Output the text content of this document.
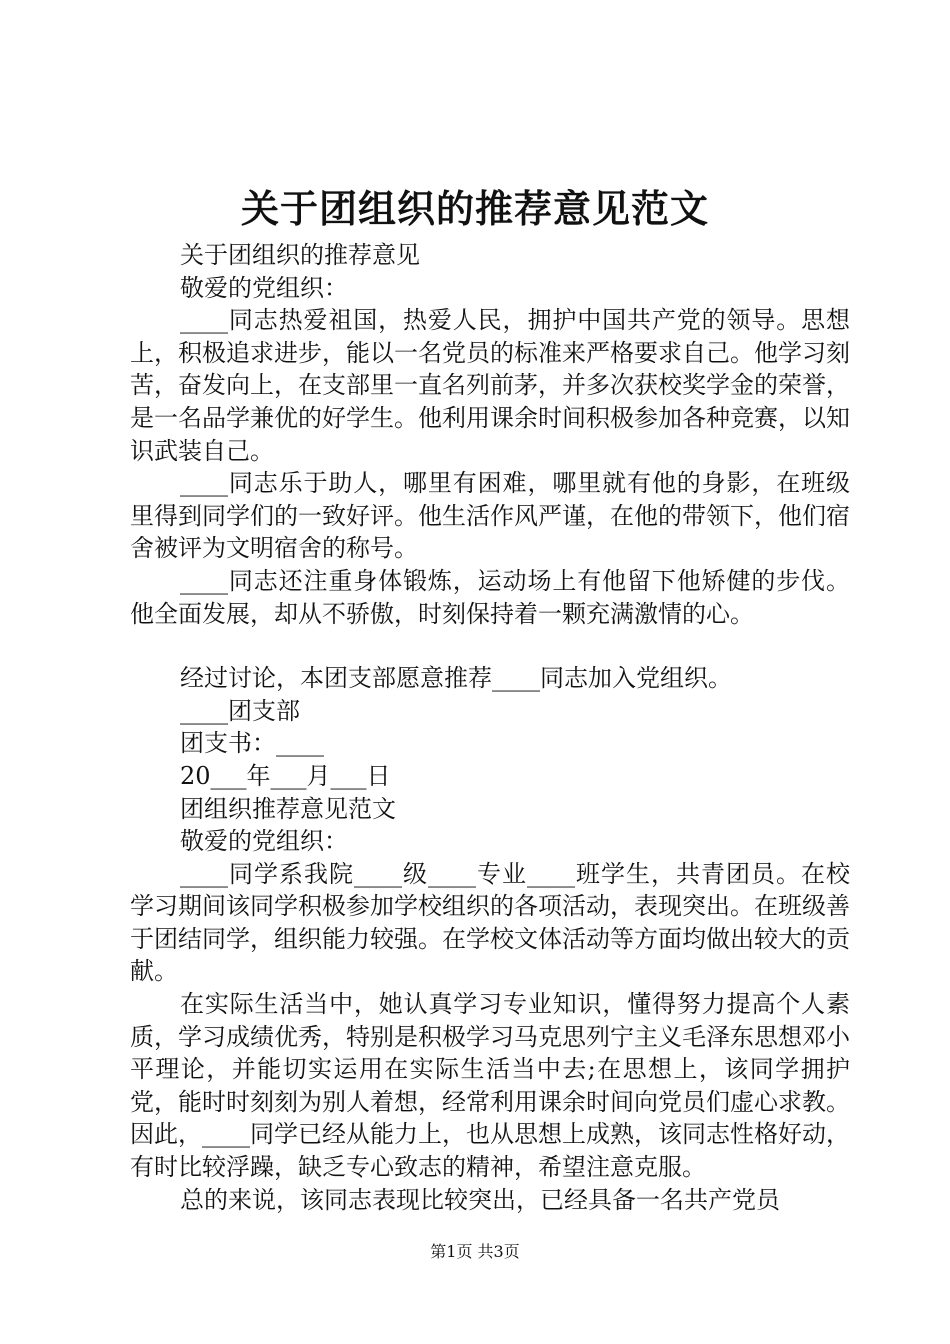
关于团组织的推荐意见范文

关于团组织的推荐意见

敬爱的党组织：

____同志热爱祖国，热爱人民，拥护中国共产党的领导。思想上，积极追求进步，能以一名党员的标准来严格要求自己。他学习刻苦，奋发向上，在支部里一直名列前茅，并多次获校奖学金的荣誉，是一名品学兼优的好学生。他利用课余时间积极参加各种竞赛，以知识武装自己。

____同志乐于助人，哪里有困难，哪里就有他的身影，在班级里得到同学们的一致好评。他生活作风严谨，在他的带领下，他们宿舍被评为文明宿舍的称号。

____同志还注重身体锻炼，运动场上有他留下他矫健的步伐。他全面发展，却从不骄傲，时刻保持着一颗充满激情的心。

经过讨论，本团支部愿意推荐____同志加入党组织。

____团支部

团支书：____

20___年___月___日

团组织推荐意见范文

敬爱的党组织：

____同学系我院____级____专业____班学生，共青团员。在校学习期间该同学积极参加学校组织的各项活动，表现突出。在班级善于团结同学，组织能力较强。在学校文体活动等方面均做出较大的贡献。

在实际生活当中，她认真学习专业知识，懂得努力提高个人素质，学习成绩优秀，特别是积极学习马克思列宁主义毛泽东思想邓小平理论，并能切实运用在实际生活当中去;在思想上，该同学拥护党，能时时刻刻为别人着想，经常利用课余时间向党员们虚心求教。因此，____同学已经从能力上，也从思想上成熟，该同志性格好动，有时比较浮躁，缺乏专心致志的精神，希望注意克服。

总的来说，该同志表现比较突出，已经具备一名共产党员

第1页 共3页
